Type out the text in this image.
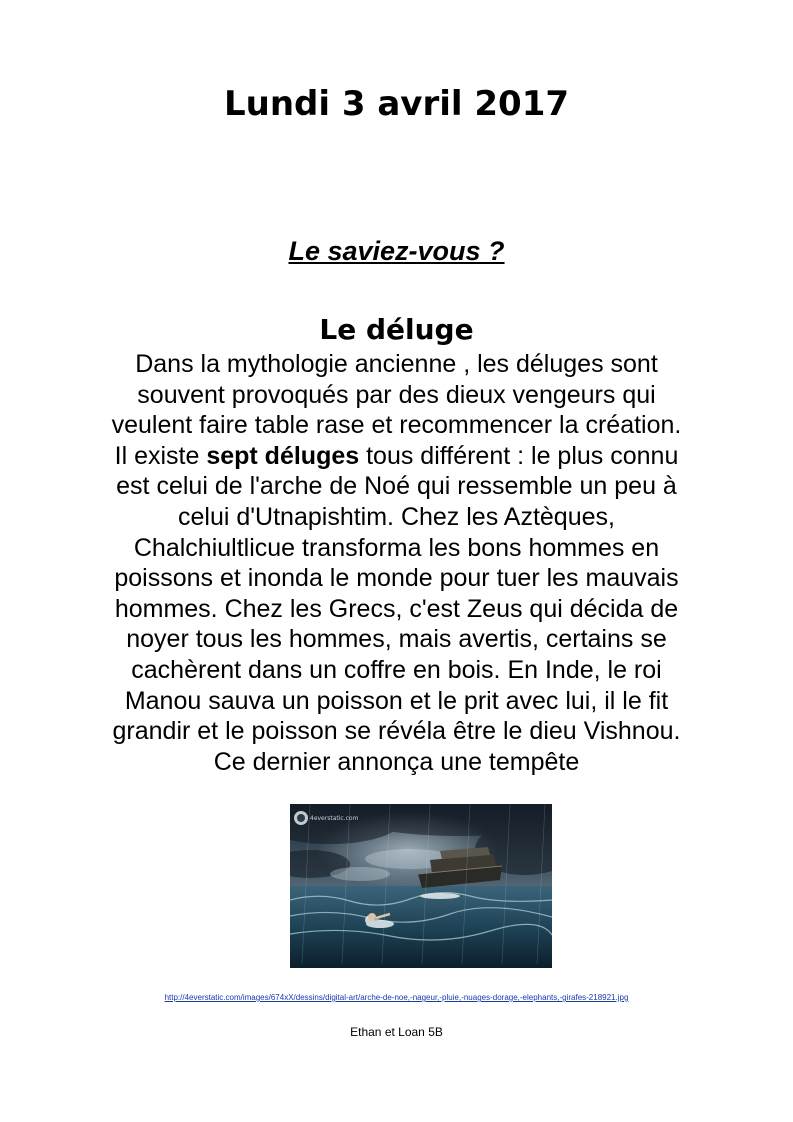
Lundi 3 avril 2017
Le saviez-vous ?
Le déluge

Dans la mythologie ancienne , les déluges sont
souvent provoqués par des dieux vengeurs qui
veulent faire table rase et recommencer la création.
Il existe sept déluges tous différent : le plus connu
est celui de l'arche de Noé qui ressemble un peu à
celui d'Utnapishtim. Chez les Aztèques,
Chalchiultlicue transforma les bons hommes en
poissons et inonda le monde pour tuer les mauvais
hommes. Chez les Grecs, c'est Zeus qui décida de
noyer tous les hommes, mais avertis, certains se
cachèrent dans un coffre en bois. En Inde, le roi
Manou sauva un poisson et le prit avec lui, il le fit
grandir et le poisson se révéla être le dieu Vishnou.
Ce dernier annonça une tempête

4everstatic.com

http://4everstatic.com/images/674xX/dessins/digital-art/arche-de-noe,-nageur,-pluie,-nuages-dorage,-elephants,-girafes-218921.jpg

Ethan et Loan 5B
